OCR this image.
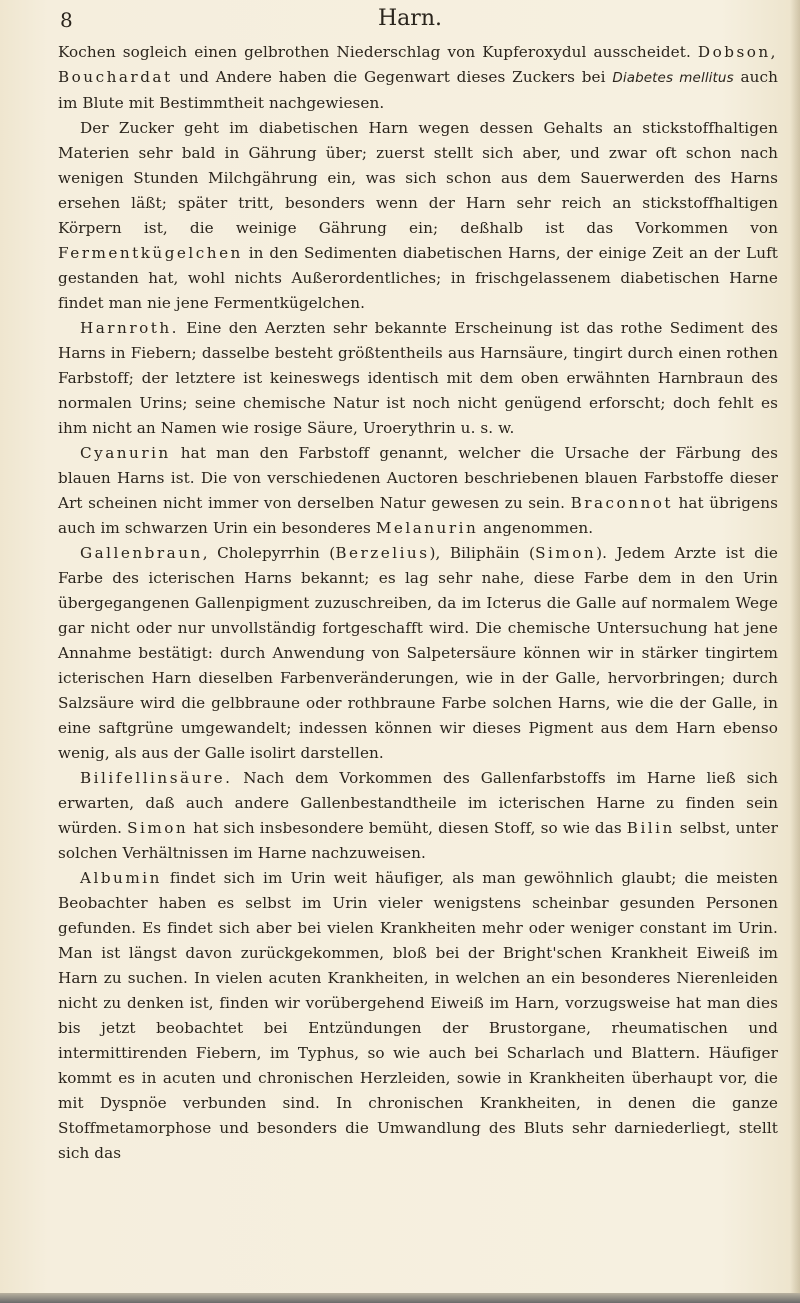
8	Harn.

Kochen sogleich einen gelbrothen Niederschlag von Kupferoxydul ausscheidet. Dobson, Bouchardat und Andere haben die Gegenwart dieses Zuckers bei Diabetes mellitus auch im Blute mit Bestimmtheit nachgewiesen.

Der Zucker geht im diabetischen Harn wegen dessen Gehalts an stickstoffhaltigen Materien sehr bald in Gährung über; zuerst stellt sich aber, und zwar oft schon nach wenigen Stunden Milchgährung ein, was sich schon aus dem Sauerwerden des Harns ersehen läßt; später tritt, besonders wenn der Harn sehr reich an stickstoffhaltigen Körpern ist, die weinige Gährung ein; deßhalb ist das Vorkommen von Fermentkügelchen in den Sedimenten diabetischen Harns, der einige Zeit an der Luft gestanden hat, wohl nichts Außerordentliches; in frischgelassenem diabetischen Harne findet man nie jene Fermentkügelchen.

Harnroth. Eine den Aerzten sehr bekannte Erscheinung ist das rothe Sediment des Harns in Fiebern; dasselbe besteht größtentheils aus Harnsäure, tingirt durch einen rothen Farbstoff; der letztere ist keineswegs identisch mit dem oben erwähnten Harnbraun des normalen Urins; seine chemische Natur ist noch nicht genügend erforscht; doch fehlt es ihm nicht an Namen wie rosige Säure, Uroerythrin u. s. w.

Cyanurin hat man den Farbstoff genannt, welcher die Ursache der Färbung des blauen Harns ist. Die von verschiedenen Auctoren beschriebenen blauen Farbstoffe dieser Art scheinen nicht immer von derselben Natur gewesen zu sein. Braconnot hat übrigens auch im schwarzen Urin ein besonderes Melanurin angenommen.

Gallenbraun, Cholepyrrhin (Berzelius), Biliphäin (Simon). Jedem Arzte ist die Farbe des icterischen Harns bekannt; es lag sehr nahe, diese Farbe dem in den Urin übergegangenen Gallenpigment zuzuschreiben, da im Icterus die Galle auf normalem Wege gar nicht oder nur unvollständig fortgeschafft wird. Die chemische Untersuchung hat jene Annahme bestätigt: durch Anwendung von Salpetersäure können wir in stärker tingirtem icterischen Harn dieselben Farbenveränderungen, wie in der Galle, hervorbringen; durch Salzsäure wird die gelbbraune oder rothbraune Farbe solchen Harns, wie die der Galle, in eine saftgrüne umgewandelt; indessen können wir dieses Pigment aus dem Harn ebenso wenig, als aus der Galle isolirt darstellen.

Bilifellinsäure. Nach dem Vorkommen des Gallenfarbstoffs im Harne ließ sich erwarten, daß auch andere Gallenbestandtheile im icterischen Harne zu finden sein würden. Simon hat sich insbesondere bemüht, diesen Stoff, so wie das Bilin selbst, unter solchen Verhältnissen im Harne nachzuweisen.

Albumin findet sich im Urin weit häufiger, als man gewöhnlich glaubt; die meisten Beobachter haben es selbst im Urin vieler wenigstens scheinbar gesunden Personen gefunden. Es findet sich aber bei vielen Krankheiten mehr oder weniger constant im Urin. Man ist längst davon zurückgekommen, bloß bei der Bright'schen Krankheit Eiweiß im Harn zu suchen. In vielen acuten Krankheiten, in welchen an ein besonderes Nierenleiden nicht zu denken ist, finden wir vorübergehend Eiweiß im Harn, vorzugsweise hat man dies bis jetzt beobachtet bei Entzündungen der Brustorgane, rheumatischen und intermittirenden Fiebern, im Typhus, so wie auch bei Scharlach und Blattern. Häufiger kommt es in acuten und chronischen Herzleiden, sowie in Krankheiten überhaupt vor, die mit Dyspnöe verbunden sind. In chronischen Krankheiten, in denen die ganze Stoffmetamorphose und besonders die Umwandlung des Bluts sehr darniederliegt, stellt sich das
